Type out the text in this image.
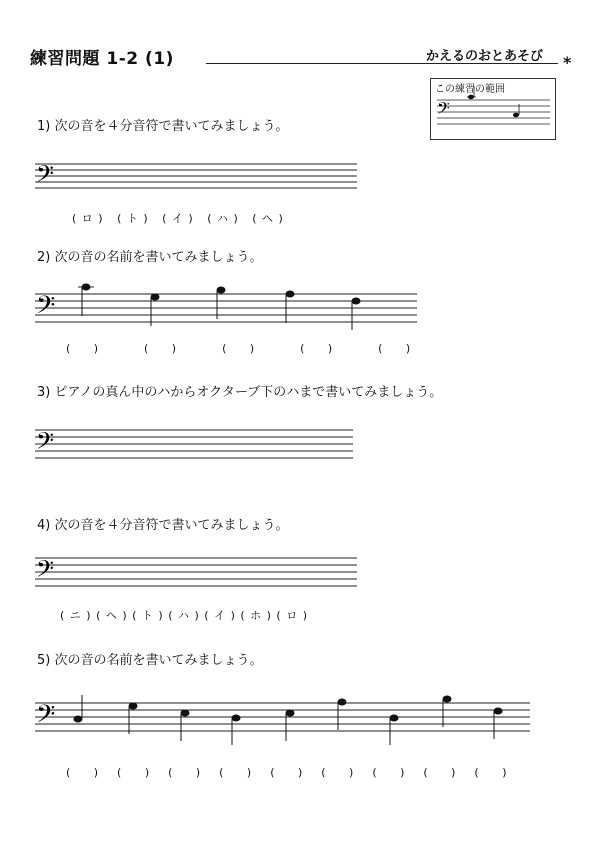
練習問題 1-2 (1)	かえるのおとあそび *
この練習の範囲
1) 次の音を４分音符で書いてみましょう。
( ロ )   ( ト )   ( イ )   ( ハ )   ( ヘ )
2) 次の音の名前を書いてみましょう。
(     )          (     )          (     )          (     )          (     )
3) ピアノの真ん中のハからオクターブ下のハまで書いてみましょう。
4) 次の音を４分音符で書いてみましょう。
( ニ ) ( ヘ ) ( ト ) ( ハ ) ( イ ) ( ホ ) ( ロ )
5) 次の音の名前を書いてみましょう。
(     )    (     )    (     )    (     )    (     )    (     )    (     )    (     )    (     )
𝄢
𝄢
𝄢
𝄢
𝄢
𝄢
